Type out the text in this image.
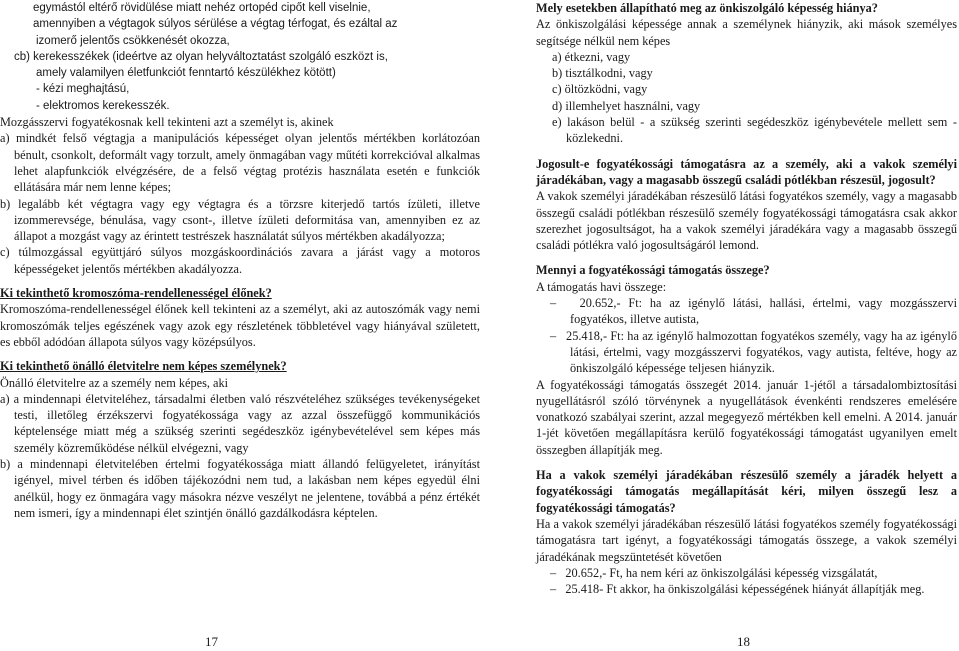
egymástól eltérő rövidülése miatt nehéz ortopéd cipőt kell viselnie,
amennyiben a végtagok súlyos sérülése a végtag térfogat, és ezáltal az
izomerő jelentős csökkenését okozza,
cb) kerekesszékek (ideértve az olyan helyváltoztatást szolgáló eszközt is,
amely valamilyen életfunkciót fenntartó készülékhez kötött)
- kézi meghajtású,
- elektromos kerekesszék.

Mozgásszervi fogyatékosnak kell tekinteni azt a személyt is, akinek

a) mindkét felső végtagja a manipulációs képességet olyan jelentős mértékben korlátozóan bénult, csonkolt, deformált vagy torzult, amely önmagában vagy műtéti korrekcióval alkalmas lehet alapfunkciók elvégzésére, de a felső végtag protézis használata esetén e funkciók ellátására már nem lenne képes;

b) legalább két végtagra vagy egy végtagra és a törzsre kiterjedő tartós ízületi, illetve izommerevsége, bénulása, vagy csont-, illetve ízületi deformitása van, amennyiben ez az állapot a mozgást vagy az érintett testrészek használatát súlyos mértékben akadályozza;

c) túlmozgással együttjáró súlyos mozgáskoordinációs zavara a járást vagy a motoros képességeket jelentős mértékben akadályozza.

Ki tekinthető kromoszóma-rendellenességel élőnek?

Kromoszóma-rendellenességel élőnek kell tekinteni az a személyt, aki az autoszómák vagy nemi kromoszómák teljes egészének vagy azok egy részletének többletével vagy hiányával született, es ebből adódóan állapota súlyos vagy középsúlyos.

Ki tekinthető önálló életvitelre nem képes személynek?

Önálló életvitelre az a személy nem képes, aki

a) a mindennapi életviteléhez, társadalmi életben való részvételéhez szükséges tevékenységeket testi, illetőleg érzékszervi fogyatékossága vagy az azzal összefüggő kommunikációs képtelensége miatt még a szükség szerinti segédeszköz igénybevételével sem képes más személy közreműködése nélkül elvégezni, vagy

b) a mindennapi életvitelében értelmi fogyatékossága miatt állandó felügyeletet, irányítást igényel, mivel térben és időben tájékozódni nem tud, a lakásban nem képes egyedül élni anélkül, hogy ez önmagára vagy másokra nézve veszélyt ne jelentene, továbbá a pénz értékét nem ismeri, így a mindennapi élet szintjén önálló gazdálkodásra képtelen.

Mely esetekben állapítható meg az önkiszolgáló képesség hiánya?

Az önkiszolgálási képessége annak a személynek hiányzik, aki mások személyes segítsége nélkül nem képes

a) étkezni, vagy

b) tisztálkodni, vagy

c) öltözködni, vagy

d) illemhelyet használni, vagy

e) lakáson belül - a szükség szerinti segédeszköz igénybevétele mellett sem - közlekedni.

Jogosult-e fogyatékossági támogatásra az a személy, aki a vakok személyi járadékában, vagy a magasabb összegű családi pótlékban részesül, jogosult?

A vakok személyi járadékában részesülő látási fogyatékos személy, vagy a magasabb összegű családi pótlékban részesülő személy fogyatékossági támogatásra csak akkor szerezhet jogosultságot, ha a vakok személyi járadékára vagy a magasabb összegű családi pótlékra való jogosultságáról lemond.

Mennyi a fogyatékossági támogatás összege?

A támogatás havi összege:

–   20.652,- Ft: ha az igénylő látási, hallási, értelmi, vagy mozgásszervi fogyatékos, illetve autista,

–   25.418,- Ft: ha az igénylő halmozottan fogyatékos személy, vagy ha az igénylő látási, értelmi, vagy mozgásszervi fogyatékos, vagy autista, feltéve, hogy az önkiszolgáló képessége teljesen hiányzik.

A fogyatékossági támogatás összegét 2014. január 1-jétől a társadalombiztosítási nyugellátásról szóló törvénynek a nyugellátások évenkénti rendszeres emelésére vonatkozó szabályai szerint, azzal megegyező mértékben kell emelni. A 2014. január 1-jét követően megállapításra kerülő fogyatékossági támogatást ugyanilyen emelt összegben állapítják meg.

Ha a vakok személyi járadékában részesülő személy a járadék helyett a fogyatékossági támogatás megállapítását kéri, milyen összegű lesz a fogyatékossági támogatás?

Ha a vakok személyi járadékában részesülő látási fogyatékos személy fogyatékossági támogatásra tart igényt, a fogyatékossági támogatás összege, a vakok személyi járadékának megszüntetését követően

–   20.652,- Ft, ha nem kéri az önkiszolgálási képesség vizsgálatát,

–   25.418- Ft akkor, ha önkiszolgálási képességének hiányát állapítják meg.

17	18
